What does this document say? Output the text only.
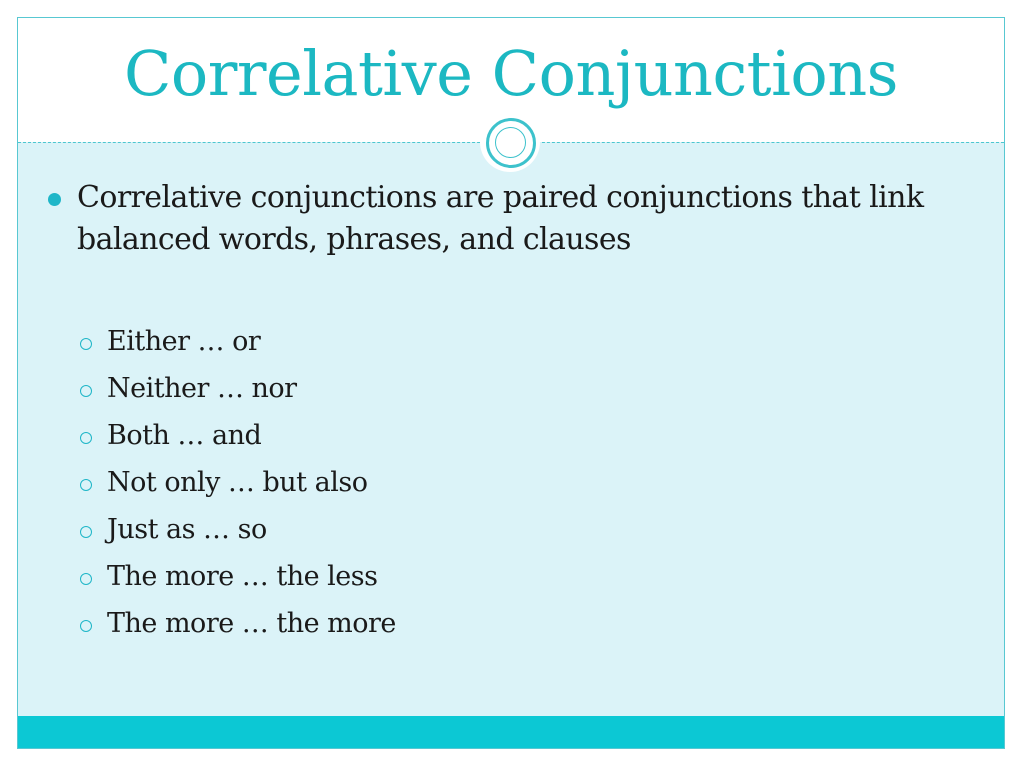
Correlative Conjunctions
Correlative conjunctions are paired conjunctions that link balanced words, phrases, and clauses
Either … or
Neither … nor
Both … and
Not only … but also
Just as … so
The more … the less
The more … the more
